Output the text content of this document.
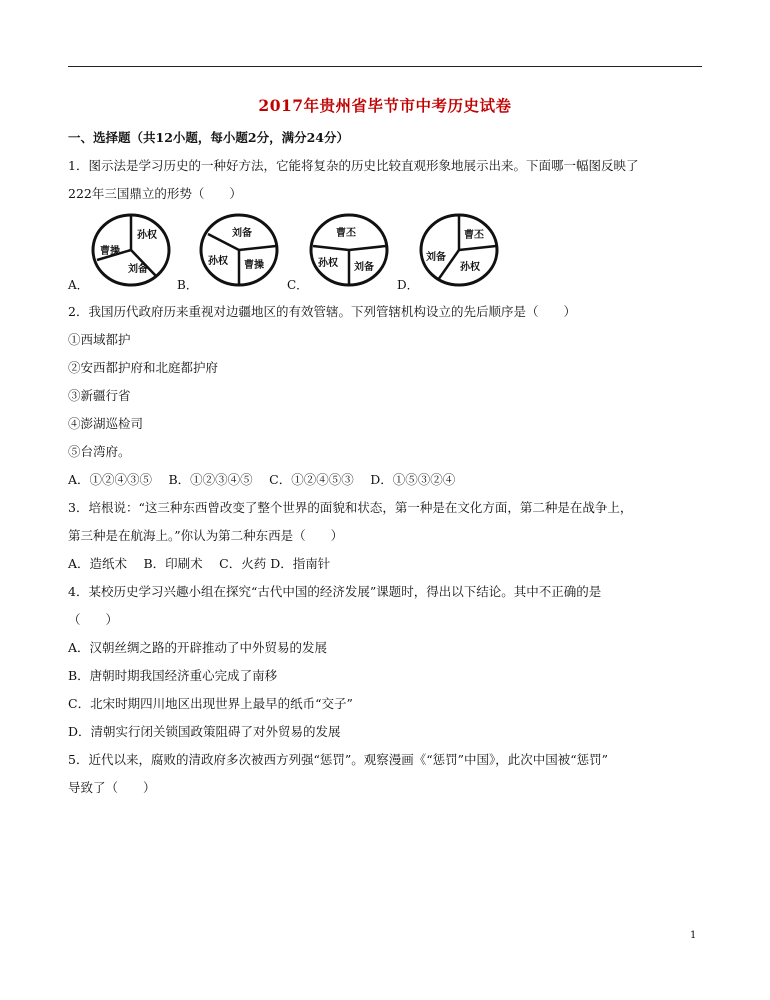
2017年贵州省毕节市中考历史试卷
一、选择题（共12小题，每小题2分，满分24分）
1．图示法是学习历史的一种好方法，它能将复杂的历史比较直观形象地展示出来。下面哪一幅图反映了
222年三国鼎立的形势（　　）
A．
孙权
曹操
刘备
B．
刘备
孙权 曹操
C．
曹丕
孙权 刘备
D．
曹丕
刘备
孙权
2．我国历代政府历来重视对边疆地区的有效管辖。下列管辖机构设立的先后顺序是（　　）
①西域都护
②安西都护府和北庭都护府
③新疆行省
④澎湖巡检司
⑤台湾府。
A．①②④③⑤　 B．①②③④⑤　 C．①②④⑤③　 D．①⑤③②④
3．培根说：“这三种东西曾改变了整个世界的面貌和状态，第一种是在文化方面，第二种是在战争上，
第三种是在航海上。”你认为第二种东西是（　　）
A．造纸术　 B．印刷术　 C．火药 D．指南针
4．某校历史学习兴趣小组在探究“古代中国的经济发展”课题时，得出以下结论。其中不正确的是
（　　）
A．汉朝丝绸之路的开辟推动了中外贸易的发展
B．唐朝时期我国经济重心完成了南移
C．北宋时期四川地区出现世界上最早的纸币“交子”
D．清朝实行闭关锁国政策阻碍了对外贸易的发展
5．近代以来，腐败的清政府多次被西方列强“惩罚”。观察漫画《“惩罚”中国》，此次中国被“惩罚”
导致了（　　）
1
